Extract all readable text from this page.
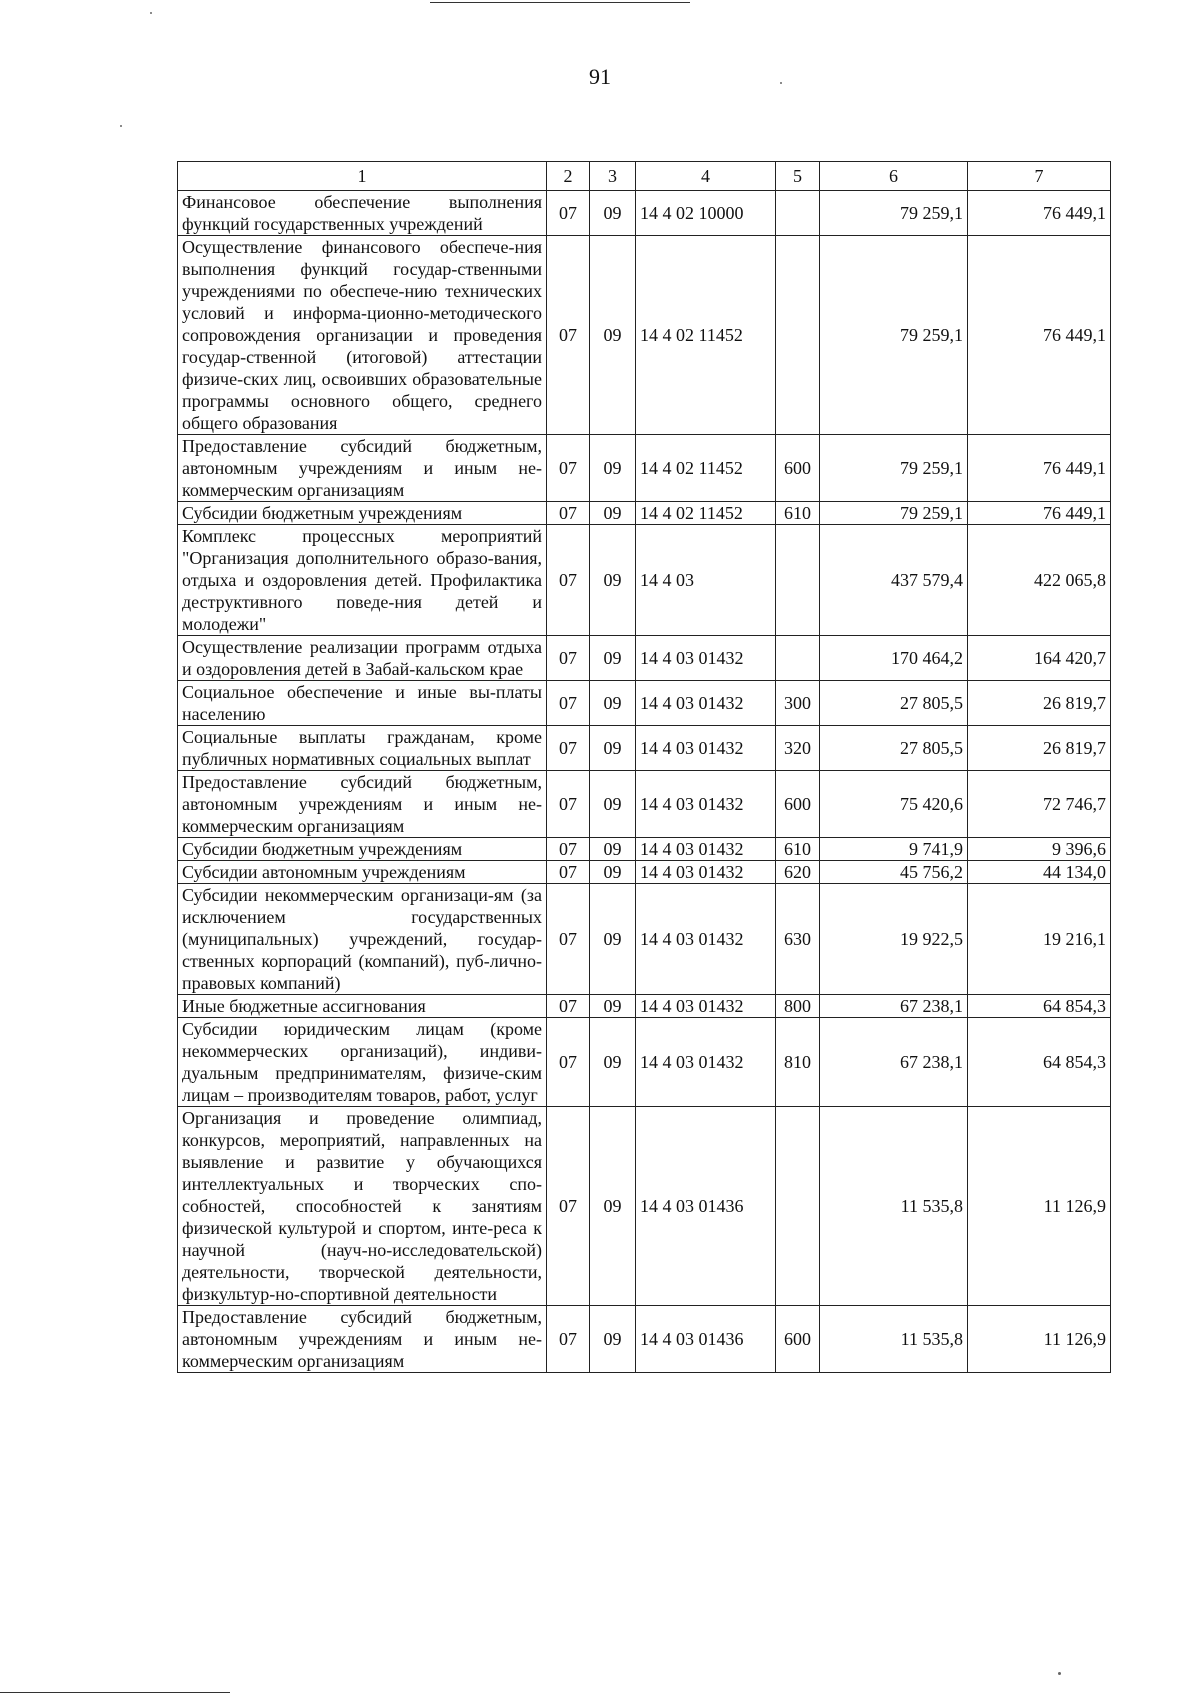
91
1	2	3	4	5	6	7
Финансовое обеспечение выполнения функций государственных учреждений	07	09	14 4 02 10000		79 259,1	76 449,1
Осуществление финансового обеспече-ния выполнения функций государ-ственными учреждениями по обеспече-нию технических условий и информа-ционно-методического сопровождения организации и проведения государ-ственной (итоговой) аттестации физиче-ских лиц, освоивших образовательные программы основного общего, среднего общего образования	07	09	14 4 02 11452		79 259,1	76 449,1
Предоставление субсидий бюджетным, автономным учреждениям и иным не-коммерческим организациям	07	09	14 4 02 11452	600	79 259,1	76 449,1
Субсидии бюджетным учреждениям	07	09	14 4 02 11452	610	79 259,1	76 449,1
Комплекс процессных мероприятий "Организация дополнительного образо-вания, отдыха и оздоровления детей. Профилактика деструктивного поведе-ния детей и молодежи"	07	09	14 4 03		437 579,4	422 065,8
Осуществление реализации программ отдыха и оздоровления детей в Забай-кальском крае	07	09	14 4 03 01432		170 464,2	164 420,7
Социальное обеспечение и иные вы-платы населению	07	09	14 4 03 01432	300	27 805,5	26 819,7
Социальные выплаты гражданам, кроме публичных нормативных социальных выплат	07	09	14 4 03 01432	320	27 805,5	26 819,7
Предоставление субсидий бюджетным, автономным учреждениям и иным не-коммерческим организациям	07	09	14 4 03 01432	600	75 420,6	72 746,7
Субсидии бюджетным учреждениям	07	09	14 4 03 01432	610	9 741,9	9 396,6
Субсидии автономным учреждениям	07	09	14 4 03 01432	620	45 756,2	44 134,0
Субсидии некоммерческим организаци-ям (за исключением государственных (муниципальных) учреждений, государ-ственных корпораций (компаний), пуб-лично-правовых компаний)	07	09	14 4 03 01432	630	19 922,5	19 216,1
Иные бюджетные ассигнования	07	09	14 4 03 01432	800	67 238,1	64 854,3
Субсидии юридическим лицам (кроме некоммерческих организаций), индиви-дуальным предпринимателям, физиче-ским лицам – производителям товаров, работ, услуг	07	09	14 4 03 01432	810	67 238,1	64 854,3
Организация и проведение олимпиад, конкурсов, мероприятий, направленных на выявление и развитие у обучающихся интеллектуальных и творческих спо-собностей, способностей к занятиям физической культурой и спортом, инте-реса к научной (науч-но-исследовательской) деятельности, творческой деятельности, физкультур-но-спортивной деятельности	07	09	14 4 03 01436		11 535,8	11 126,9
Предоставление субсидий бюджетным, автономным учреждениям и иным не-коммерческим организациям	07	09	14 4 03 01436	600	11 535,8	11 126,9
